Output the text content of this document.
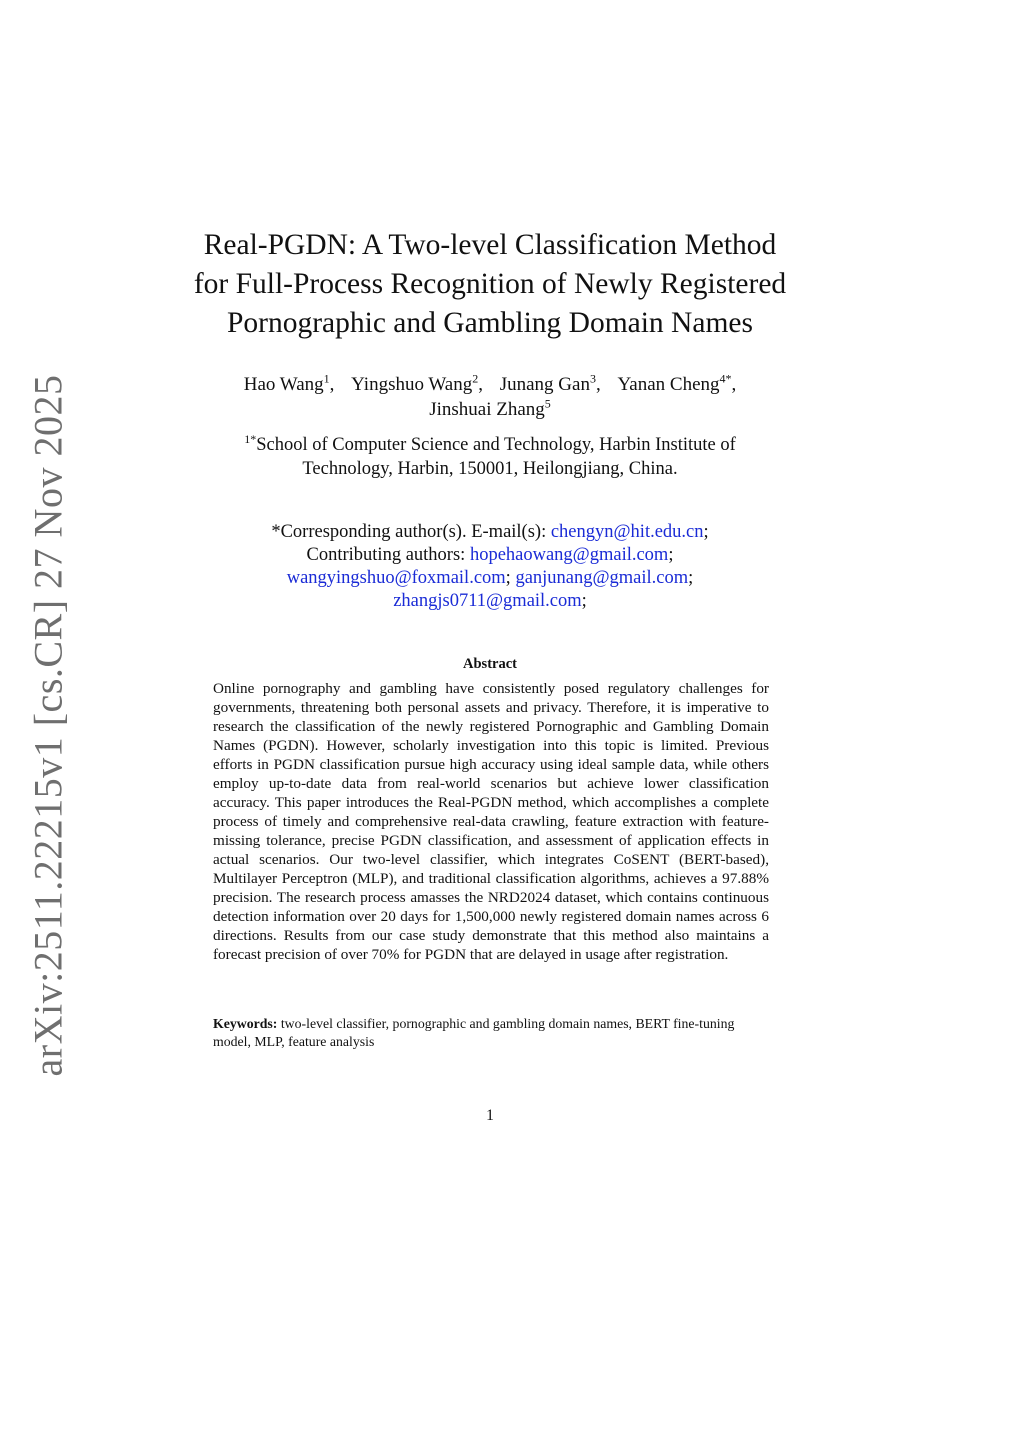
arXiv:2511.22215v1 [cs.CR] 27 Nov 2025
Real-PGDN: A Two-level Classification Method
for Full-Process Recognition of Newly Registered
Pornographic and Gambling Domain Names
Hao Wang$^1$, Yingshuo Wang$^2$, Junang Gan$^3$, Yanan Cheng$^{4*}$,
Jinshuai Zhang$^5$
$^{1*}$School of Computer Science and Technology, Harbin Institute of
Technology, Harbin, 150001, Heilongjiang, China.
*Corresponding author(s). E-mail(s): chengyn@hit.edu.cn;
Contributing authors: hopehaowang@gmail.com;
wangyingshuo@foxmail.com; ganjunang@gmail.com;
zhangjs0711@gmail.com;
Abstract

Online pornography and gambling have consistently posed regulatory challenges for governments, threatening both personal assets and privacy. Therefore, it is imperative to research the classification of the newly registered Pornographic and Gambling Domain Names (PGDN). However, scholarly investigation into this topic is limited. Previous efforts in PGDN classification pursue high accuracy using ideal sample data, while others employ up-to-date data from real-world scenarios but achieve lower classification accuracy. This paper introduces the Real-PGDN method, which accomplishes a complete process of timely and comprehensive real-data crawling, feature extraction with feature-missing tolerance, precise PGDN classification, and assessment of application effects in actual scenarios. Our two-level classifier, which integrates CoSENT (BERT-based), Multilayer Perceptron (MLP), and traditional classification algorithms, achieves a 97.88% precision. The research process amasses the NRD2024 dataset, which contains continuous detection information over 20 days for 1,500,000 newly registered domain names across 6 directions. Results from our case study demonstrate that this method also maintains a forecast precision of over 70% for PGDN that are delayed in usage after registration.

Keywords: two-level classifier, pornographic and gambling domain names, BERT fine-tuning model, MLP, feature analysis

1
